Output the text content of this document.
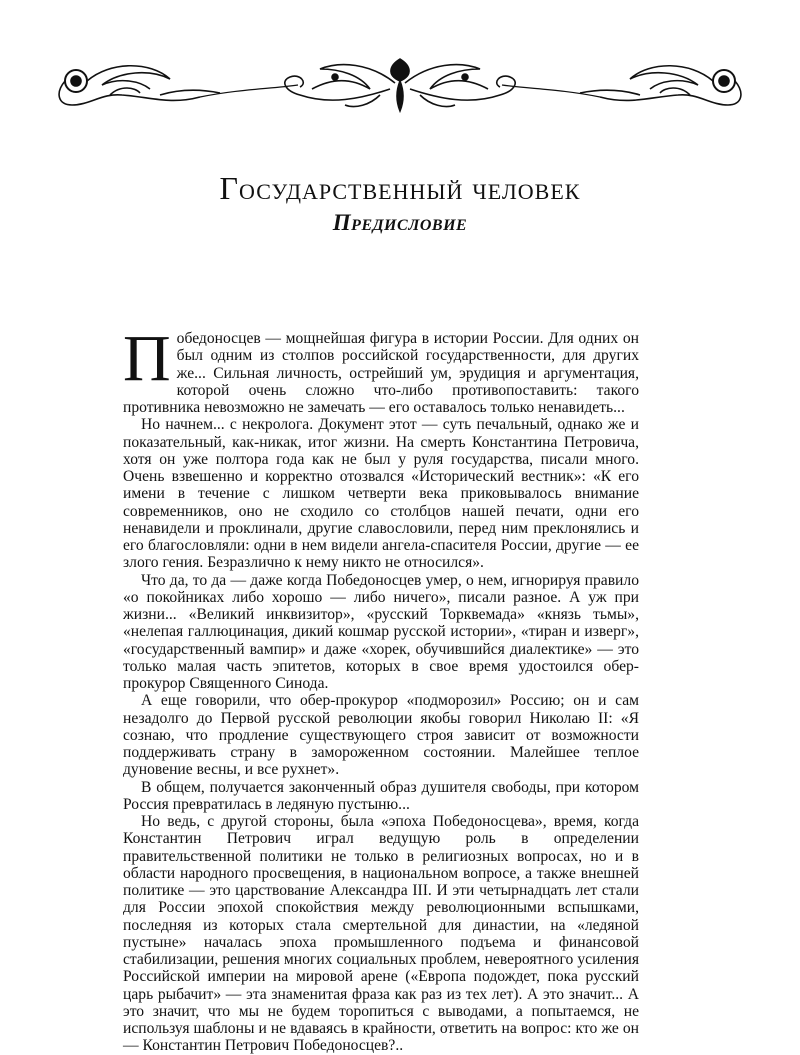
Государственный человек
Предисловие

Победоносцев — мощнейшая фигура в истории России. Для одних он был одним из столпов российской государственности, для других же... Сильная личность, острейший ум, эрудиция и аргументация, которой очень сложно что-либо противопоставить: такого противника невозможно не замечать — его оставалось только ненавидеть...

Но начнем... с некролога. Документ этот — суть печальный, однако же и показательный, как-никак, итог жизни. На смерть Константина Петровича, хотя он уже полтора года как не был у руля государства, писали много. Очень взвешенно и корректно отозвался «Исторический вестник»: «К его имени в течение с лишком четверти века приковывалось внимание современников, оно не сходило со столбцов нашей печати, одни его ненавидели и проклинали, другие славословили, перед ним преклонялись и его благословляли: одни в нем видели ангела-спасителя России, другие — ее злого гения. Безразлично к нему никто не относился».

Что да, то да — даже когда Победоносцев умер, о нем, игнорируя правило «о покойниках либо хорошо — либо ничего», писали разное. А уж при жизни... «Великий инквизитор», «русский Торквемада» «князь тьмы», «нелепая галлюцинация, дикий кошмар русской истории», «тиран и изверг», «государственный вампир» и даже «хорек, обучившийся диалектике» — это только малая часть эпитетов, которых в свое время удостоился обер-прокурор Священного Синода.

А еще говорили, что обер-прокурор «подморозил» Россию; он и сам незадолго до Первой русской революции якобы говорил Николаю II: «Я сознаю, что продление существующего строя зависит от возможности поддерживать страну в замороженном состоянии. Малейшее теплое дуновение весны, и все рухнет».

В общем, получается законченный образ душителя свободы, при котором Россия превратилась в ледяную пустыню...

Но ведь, с другой стороны, была «эпоха Победоносцева», время, когда Константин Петрович играл ведущую роль в определении правительственной политики не только в религиозных вопросах, но и в области народного просвещения, в национальном вопросе, а также внешней политике — это царствование Александра III. И эти четырнадцать лет стали для России эпохой спокойствия между революционными вспышками, последняя из которых стала смертельной для династии, на «ледяной пустыне» началась эпоха промышленного подъема и финансовой стабилизации, решения многих социальных проблем, невероятного усиления Российской империи на мировой арене («Европа подождет, пока русский царь рыбачит» — эта знаменитая фраза как раз из тех лет). А это значит... А это значит, что мы не будем торопиться с выводами, а попытаемся, не используя шаблоны и не вдаваясь в крайности, ответить на вопрос: кто же он — Константин Петрович Победоносцев?..
